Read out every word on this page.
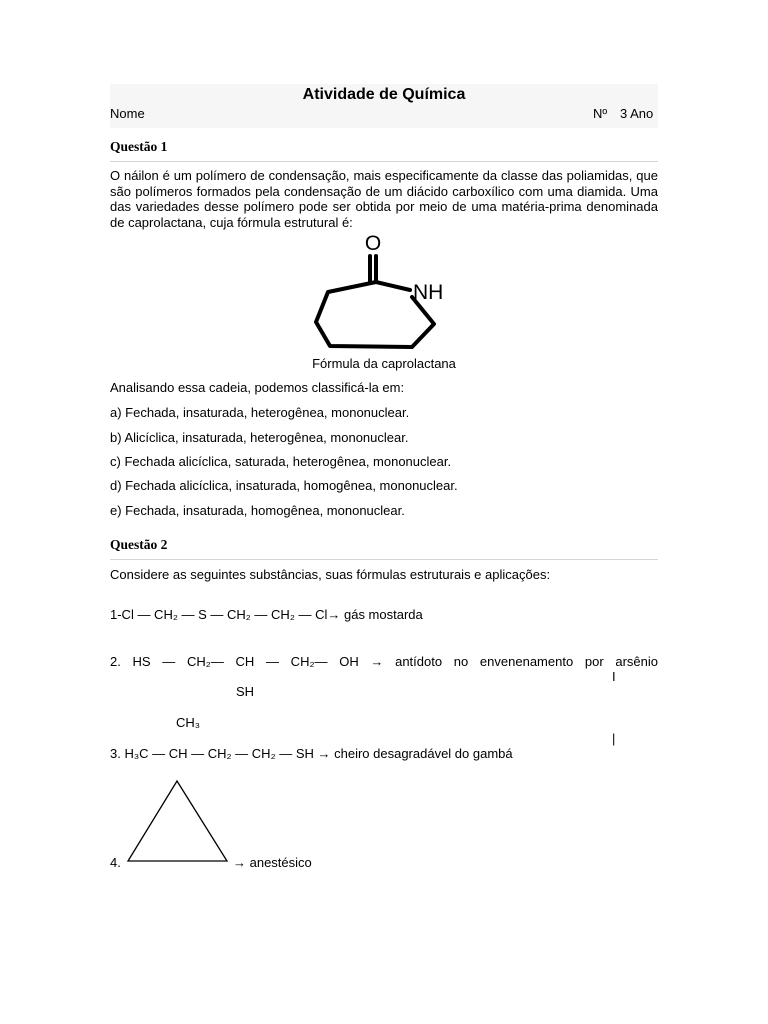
Atividade de Química
Nome	Nº 3 Ano
Questão 1
O náilon é um polímero de condensação, mais especificamente da classe das poliamidas, que são polímeros formados pela condensação de um diácido carboxílico com uma diamida. Uma das variedades desse polímero pode ser obtida por meio de uma matéria-prima denominada de caprolactana, cuja fórmula estrutural é:
O
NH
Fórmula da caprolactana
Analisando essa cadeia, podemos classificá-la em:
a) Fechada, insaturada, heterogênea, mononuclear.
b) Alicíclica, insaturada, heterogênea, mononuclear.
c) Fechada alicíclica, saturada, heterogênea, mononuclear.
d) Fechada alicíclica, insaturada, homogênea, mononuclear.
e) Fechada, insaturada, homogênea, mononuclear.
Questão 2
Considere as seguintes substâncias, suas fórmulas estruturais e aplicações:
1-Cl — CH₂ — S — CH₂ — CH₂ — Cl→ gás mostarda
2. HS — CH₂— CH — CH₂— OH → antídoto no envenenamento por arsênio
I
SH
CH₃
|
3. H₃C — CH — CH₂ — CH₂ — SH → cheiro desagradável do gambá
4.	→ anestésico
